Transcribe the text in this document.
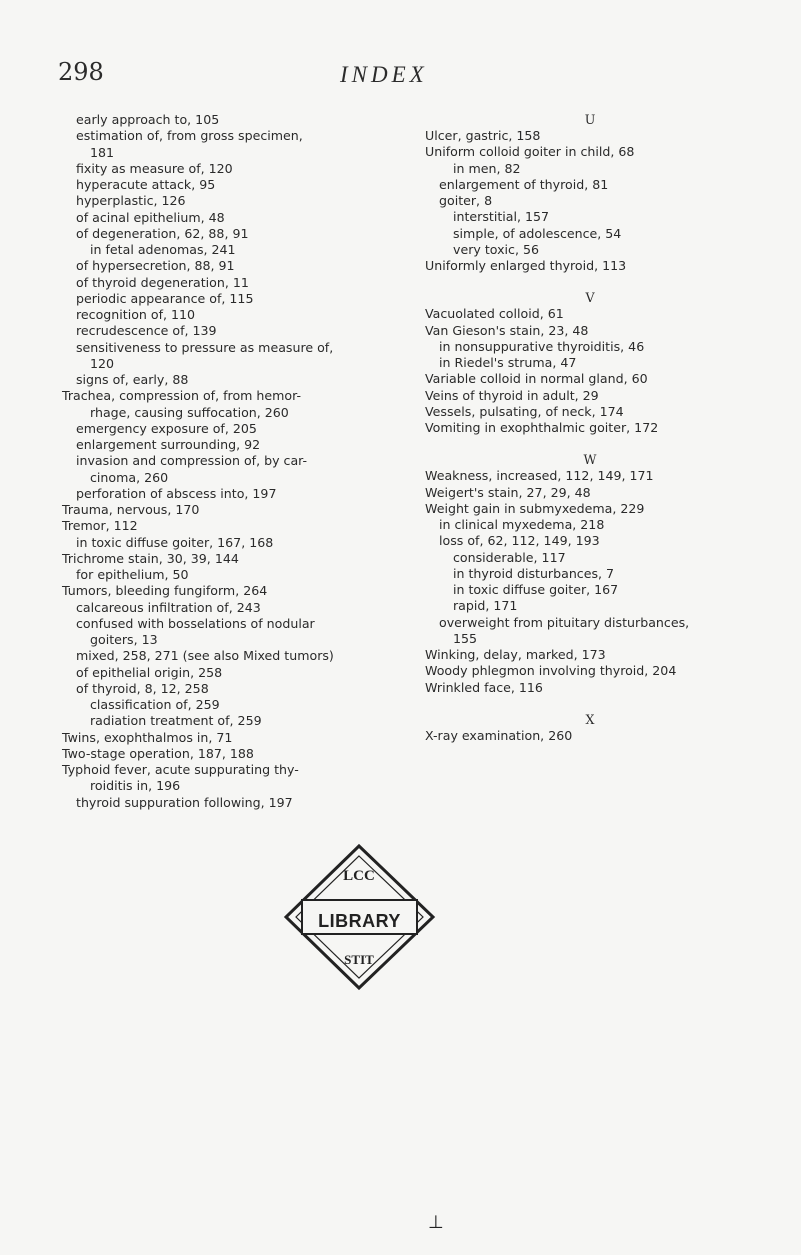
298	INDEX

early approach to, 105

estimation of, from gross specimen,

181

fixity as measure of, 120

hyperacute attack, 95

hyperplastic, 126

of acinal epithelium, 48

of degeneration, 62, 88, 91

in fetal adenomas, 241

of hypersecretion, 88, 91

of thyroid degeneration, 11

periodic appearance of, 115

recognition of, 110

recrudescence of, 139

sensitiveness to pressure as measure of,

120

signs of, early, 88

Trachea, compression of, from hemor-

rhage, causing suffocation, 260

emergency exposure of, 205

enlargement surrounding, 92

invasion and compression of, by car-

cinoma, 260

perforation of abscess into, 197

Trauma, nervous, 170

Tremor, 112

in toxic diffuse goiter, 167, 168

Trichrome stain, 30, 39, 144

for epithelium, 50

Tumors, bleeding fungiform, 264

calcareous infiltration of, 243

confused with bosselations of nodular

goiters, 13

mixed, 258, 271 (see also Mixed tumors)

of epithelial origin, 258

of thyroid, 8, 12, 258

classification of, 259

radiation treatment of, 259

Twins, exophthalmos in, 71

Two-stage operation, 187, 188

Typhoid fever, acute suppurating thy-

roiditis in, 196

thyroid suppuration following, 197

U

Ulcer, gastric, 158

Uniform colloid goiter in child, 68

in men, 82

enlargement of thyroid, 81

goiter, 8

interstitial, 157

simple, of adolescence, 54

very toxic, 56

Uniformly enlarged thyroid, 113

V

Vacuolated colloid, 61

Van Gieson's stain, 23, 48

in nonsuppurative thyroiditis, 46

in Riedel's struma, 47

Variable colloid in normal gland, 60

Veins of thyroid in adult, 29

Vessels, pulsating, of neck, 174

Vomiting in exophthalmic goiter, 172

W

Weakness, increased, 112, 149, 171

Weigert's stain, 27, 29, 48

Weight gain in submyxedema, 229

in clinical myxedema, 218

loss of, 62, 112, 149, 193

considerable, 117

in thyroid disturbances, 7

in toxic diffuse goiter, 167

rapid, 171

overweight from pituitary disturbances,

155

Winking, delay, marked, 173

Woody phlegmon involving thyroid, 204

Wrinkled face, 116

X

X-ray examination, 260

LCC
STIT
LIBRARY
⊥
